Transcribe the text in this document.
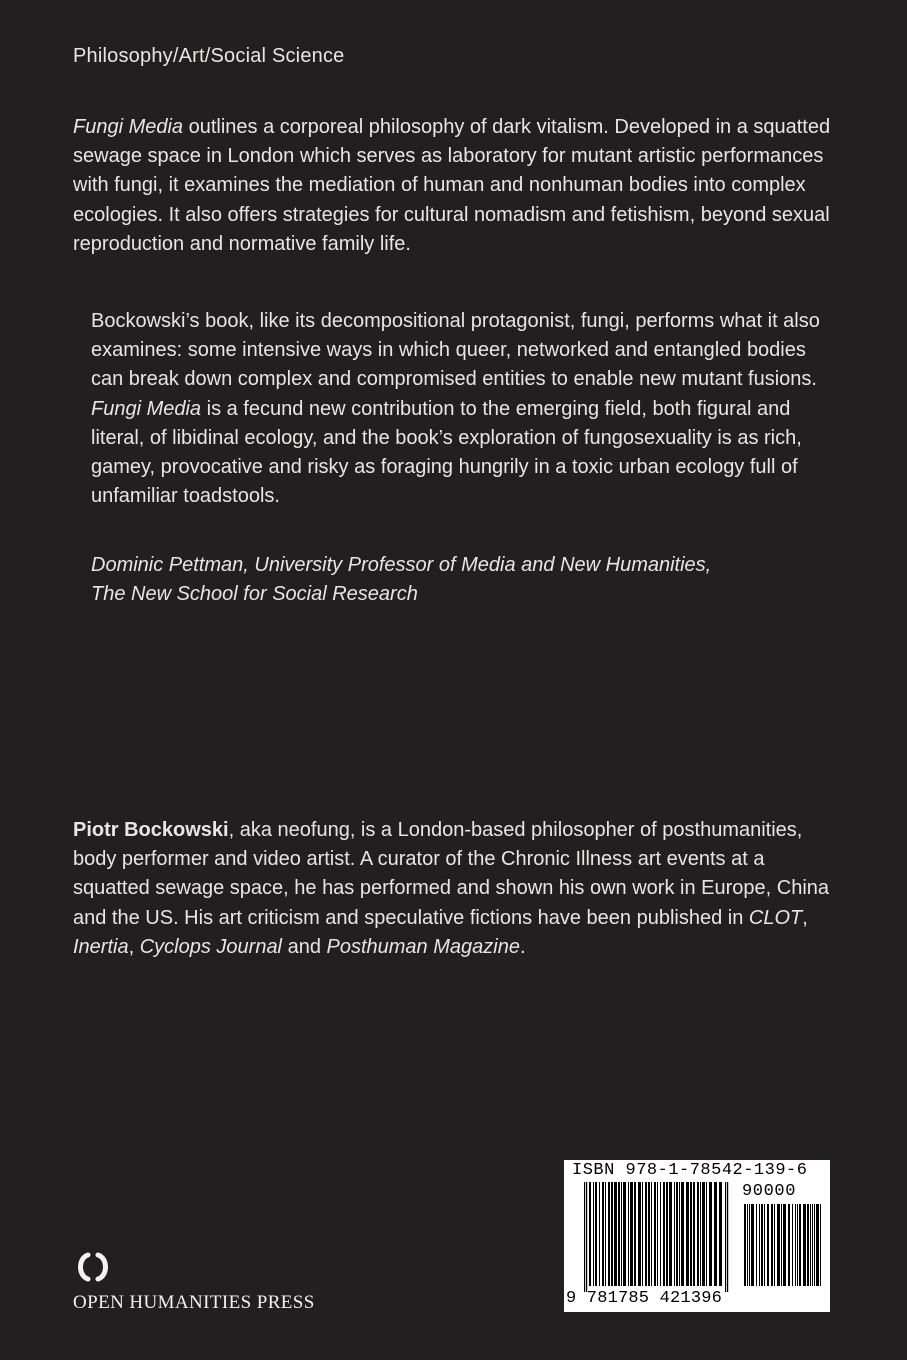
Philosophy/Art/Social Science

Fungi Media outlines a corporeal philosophy of dark vitalism. Developed in a squatted sewage space in London which serves as laboratory for mutant artistic performances with fungi, it examines the mediation of human and nonhuman bodies into complex ecologies. It also offers strategies for cultural nomadism and fetishism, beyond sexual reproduction and normative family life.

Bockowski’s book, like its decompositional protagonist, fungi, performs what it also examines: some intensive ways in which queer, networked and entangled bodies can break down complex and compromised entities to enable new mutant fusions. Fungi Media is a fecund new contribution to the emerging field, both figural and literal, of libidinal ecology, and the book’s exploration of fungosexuality is as rich, gamey, provocative and risky as foraging hungrily in a toxic urban ecology full of unfamiliar toadstools.

Dominic Pettman, University Professor of Media and New Humanities,
The New School for Social Research

Piotr Bockowski, aka neofung, is a London-based philosopher of posthumanities, body performer and video artist. A curator of the Chronic Illness art events at a squatted sewage space, he has performed and shown his own work in Europe, China and the US. His art criticism and speculative fictions have been published in CLOT, Inertia, Cyclops Journal and Posthuman Magazine.

OPEN HUMANITIES PRESS
ISBN 978-1-78542-139-6
90000
9 781785 421396
